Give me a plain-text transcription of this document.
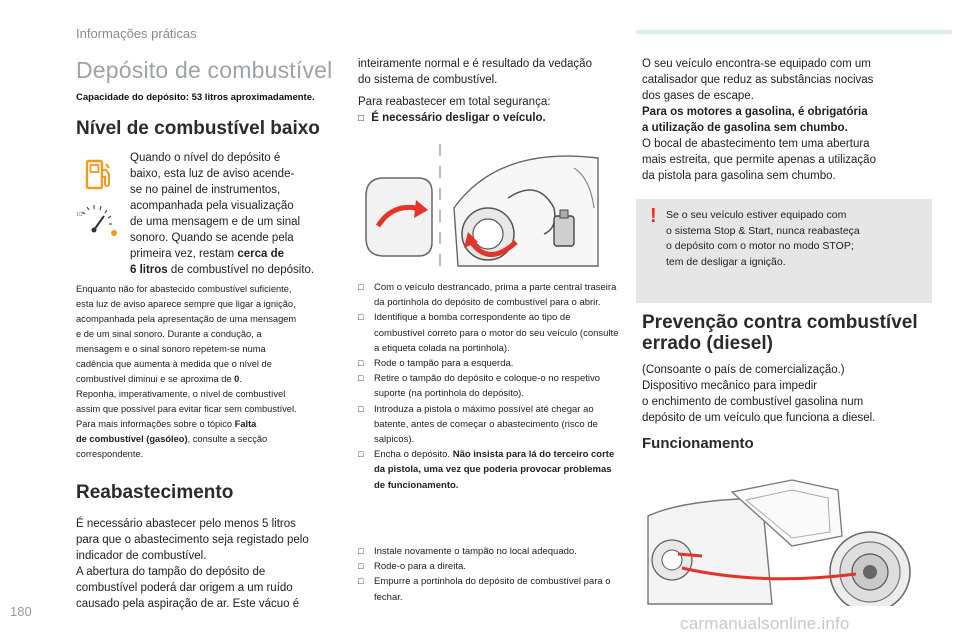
Informações práticas
Depósito de combustível
Capacidade do depósito: 53 litros aproximadamente.
Nível de combustível baixo
1/2
Quando o nível do depósito é
baixo, esta luz de aviso acende-
se no painel de instrumentos,
acompanhada pela visualização
de uma mensagem e de um sinal
sonoro. Quando se acende pela
primeira vez, restam cerca de
6 litros de combustível no depósito.
Enquanto não for abastecido combustível suficiente,
esta luz de aviso aparece sempre que ligar a ignição,
acompanhada pela apresentação de uma mensagem
e de um sinal sonoro. Durante a condução, a
mensagem e o sinal sonoro repetem-se numa
cadência que aumenta à medida que o nível de
combustível diminui e se aproxima de 0.
Reponha, imperativamente, o nível de combustível
assim que possível para evitar ficar sem combustível.
Para mais informações sobre o tópico Falta
de combustível (gasóleo), consulte a secção
correspondente.
Reabastecimento
É necessário abastecer pelo menos 5 litros
para que o abastecimento seja registado pelo
indicador de combustível.
A abertura do tampão do depósito de
combustível poderá dar origem a um ruído
causado pela aspiração de ar. Este vácuo é
180
inteiramente normal e é resultado da vedação
do sistema de combustível.
Para reabastecer em total segurança:
□ É necessário desligar o veículo.
□ Com o veículo destrancado, prima a parte central traseira da portinhola do depósito de combustível para o abrir.
□ Identifique a bomba correspondente ao tipo de combustível correto para o motor do seu veículo (consulte a etiqueta colada na portinhola).
□ Rode o tampão para a esquerda.
□ Retire o tampão do depósito e coloque-o no respetivo suporte (na portinhola do depósito).
□ Introduza a pistola o máximo possível até chegar ao batente, antes de começar o abastecimento (risco de salpicos).
□ Encha o depósito. Não insista para lá do terceiro corte da pistola, uma vez que poderia provocar problemas de funcionamento.
□ Instale novamente o tampão no local adequado.
□ Rode-o para a direita.
□ Empurre a portinhola do depósito de combustível para o fechar.
O seu veículo encontra-se equipado com um
catalisador que reduz as substâncias nocivas
dos gases de escape.
Para os motores a gasolina, é obrigatória
a utilização de gasolina sem chumbo.
O bocal de abastecimento tem uma abertura
mais estreita, que permite apenas a utilização
da pistola para gasolina sem chumbo.
! Se o seu veículo estiver equipado com
o sistema Stop & Start, nunca reabasteça
o depósito com o motor no modo STOP;
tem de desligar a ignição.
Prevenção contra combustível
errado (diesel)
(Consoante o país de comercialização.)
Dispositivo mecânico para impedir
o enchimento de combustível gasolina num
depósito de um veículo que funciona a diesel.
Funcionamento
carmanualsonline.info
